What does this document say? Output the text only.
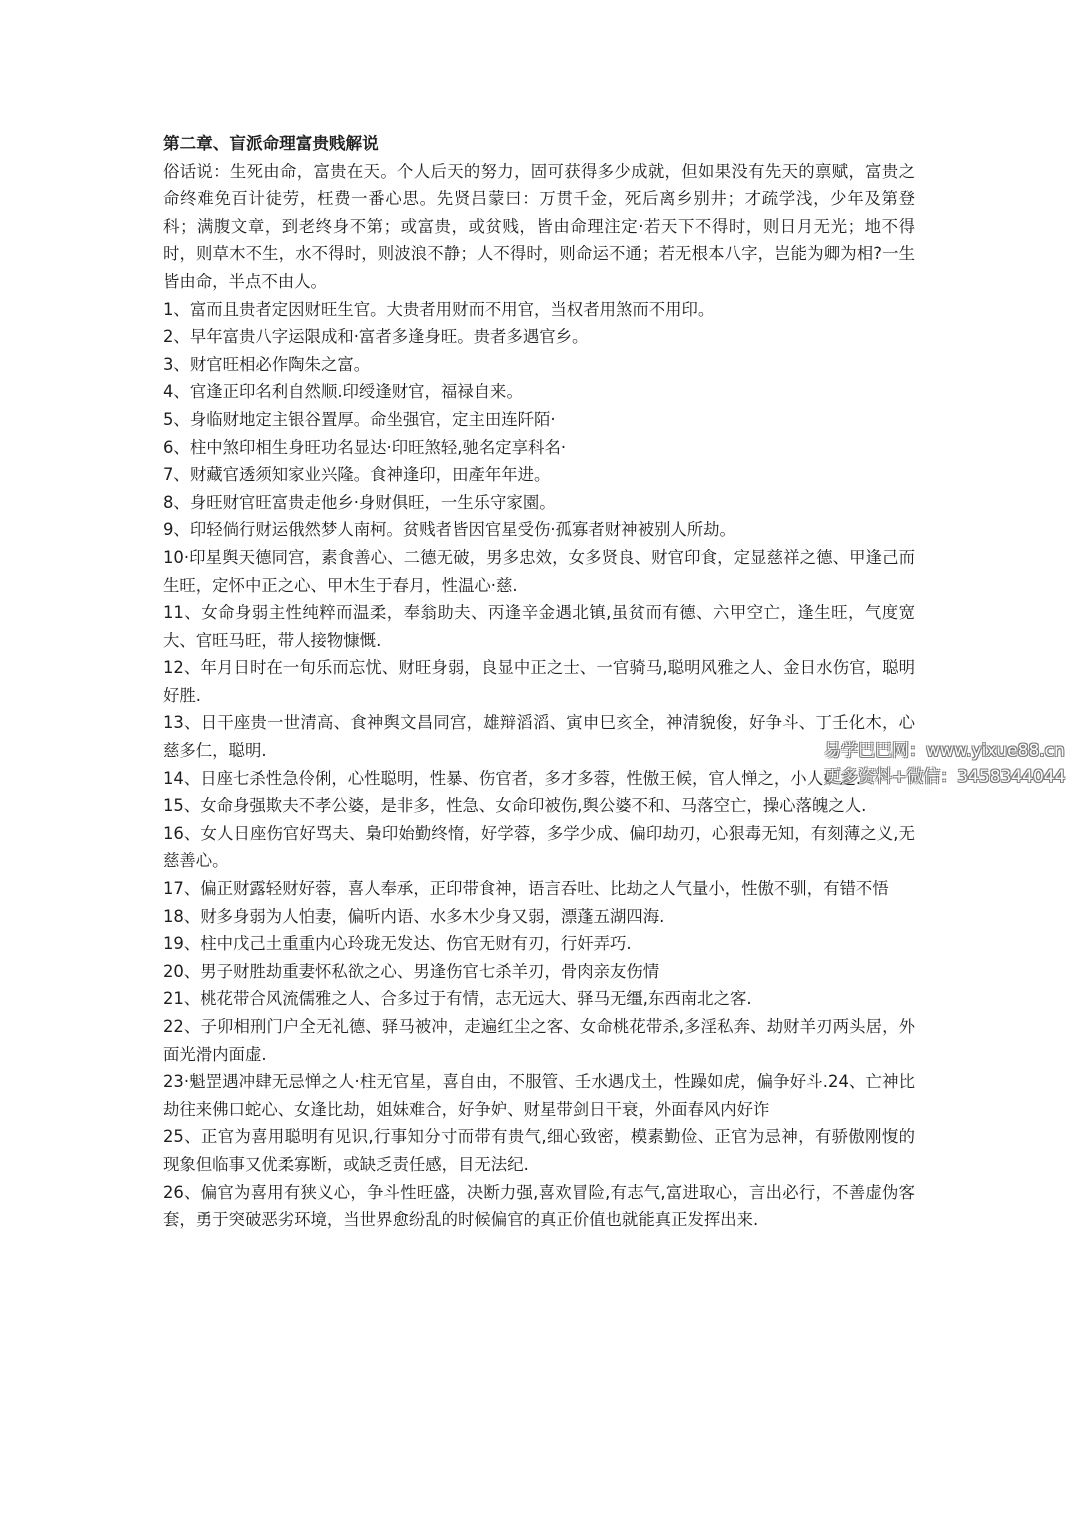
第二章、盲派命理富贵贱解说

俗话说：生死由命，富贵在天。个人后天的努力，固可获得多少成就，但如果没有先天的禀赋，富贵之命终难免百计徒劳，枉费一番心思。先贤吕蒙曰：万贯千金，死后离乡别井；才疏学浅，少年及第登科；满腹文章，到老终身不第；或富贵，或贫贱，皆由命理注定·若天下不得时，则日月无光；地不得时，则草木不生，水不得时，则波浪不静；人不得时，则命运不通；若无根本八字，岂能为卿为相?一生皆由命，半点不由人。

1、富而且贵者定因财旺生官。大贵者用财而不用官，当权者用煞而不用印。

2、早年富贵八字运限成和·富者多逢身旺。贵者多遇官乡。

3、财官旺相必作陶朱之富。

4、官逢正印名利自然顺.印绶逢财官，福禄自来。

5、身临财地定主银谷置厚。命坐强官，定主田连阡陌·

6、柱中煞印相生身旺功名显达·印旺煞轻,驰名定享科名·

7、财藏官透须知家业兴隆。食神逢印，田產年年进。

8、身旺财官旺富贵走他乡·身财俱旺，一生乐守家園。

9、印轻倘行财运俄然梦人南柯。贫贱者皆因官星受伤·孤寡者财神被别人所劫。

10·印星舆天德同宫，素食善心、二德无破，男多忠效，女多贤良、财官印食，定显慈祥之德、甲逢己而生旺，定怀中正之心、甲木生于春月，性温心·慈.

11、女命身弱主性纯粹而温柔，奉翁助夫、丙逢辛金遇北镇,虽贫而有德、六甲空亡，逢生旺，气度宽大、官旺马旺，带人接物慷慨.

12、年月日时在一旬乐而忘忧、财旺身弱，良显中正之士、一官骑马,聪明风雅之人、金日水伤官，聪明好胜.

13、日干座贵一世清高、食神舆文昌同宫，雄辩滔滔、寅申巳亥全，神清貌俊，好争斗、丁壬化木，心慈多仁，聪明.

14、日座七杀性急伶俐，心性聪明，性暴、伤官者，多才多蓉，性傲王候，官人惮之，小人妒之.

15、女命身强欺夫不孝公婆，是非多，性急、女命印被伤,舆公婆不和、马落空亡，操心落魄之人.

16、女人日座伤官好骂夫、梟印始勤终惰，好学蓉，多学少成、偏印劫刃，心狠毒无知，有刻薄之义,无慈善心。

17、偏正财露轻财好蓉，喜人奉承，正印带食神，语言吞吐、比劫之人气量小，性傲不驯，有错不悟

18、财多身弱为人怕妻，偏听内语、水多木少身又弱，漂蓬五湖四海.

19、柱中戊己土重重内心玲珑无发达、伤官无财有刃，行奸弄巧.

20、男子财胜劫重妻怀私欲之心、男逢伤官七杀羊刃，骨肉亲友伤情

21、桃花带合风流儒雅之人、合多过于有情，志无远大、驿马无缰,东西南北之客.

22、子卯相刑门户全无礼德、驿马被冲，走遍红尘之客、女命桃花带杀,多淫私奔、劫财羊刃两头居，外面光滑内面虚.

23·魁罡遇冲肆无忌惮之人·柱无官星，喜自由，不服管、壬水遇戊土，性躁如虎，偏争好斗.24、亡神比劫往来佛口蛇心、女逢比劫，姐妹难合，好争妒、财星带剑日干衰，外面春风内好诈

25、正官为喜用聪明有见识,行事知分寸而带有贵气,细心致密，模素勤俭、正官为忌神，有骄傲刚愎的现象但临事又优柔寡断，或缺乏责任感，目无法纪.

26、偏官为喜用有狭义心，争斗性旺盛，决断力强,喜欢冒险,有志气,富进取心，言出必行，不善虚伪客套，勇于突破恶劣环境，当世界愈纷乱的时候偏官的真正价值也就能真正发挥出来.

易学巴巴网：www.yixue88.cn
更多资料+微信：3458344044
